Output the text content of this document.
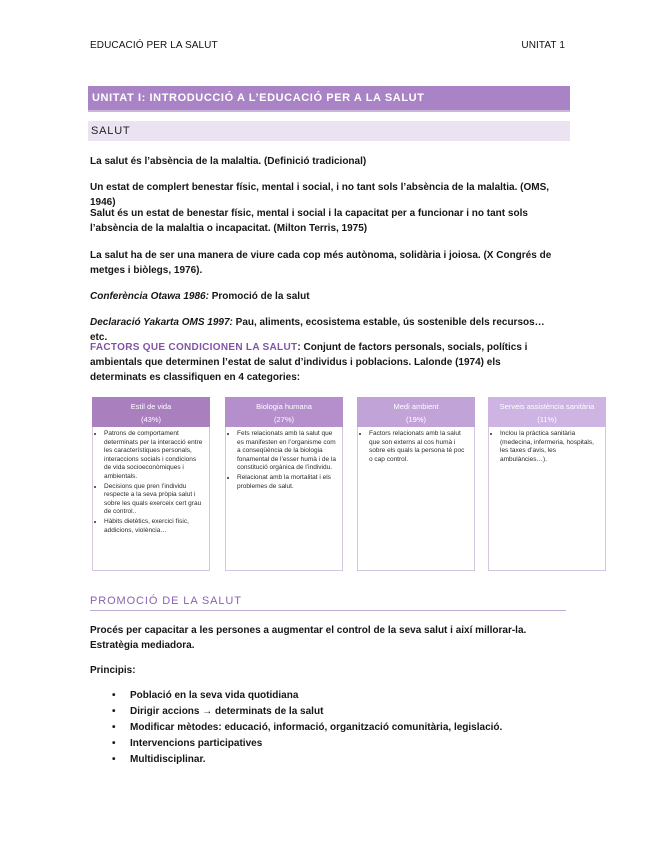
EDUCACIÓ PER LA SALUT	UNITAT 1
UNITAT I: INTRODUCCIÓ A L’EDUCACIÓ PER A LA SALUT
SALUT
La salut és l’absència de la malaltia. (Definició tradicional)
Un estat de complert benestar físic, mental i social, i no tant sols l’absència de la malaltia. (OMS, 1946)
Salut és un estat de benestar físic, mental i social i la capacitat per a funcionar i no tant sols l’absència de la malaltia o incapacitat. (Milton Terris, 1975)
La salut ha de ser una manera de viure cada cop més autònoma, solidària i joiosa. (X Congrés de metges i biòlegs, 1976).
Conferència Otawa 1986: Promoció de la salut
Declaració Yakarta OMS 1997: Pau, aliments, ecosistema estable, ús sostenible dels recursos…etc.
FACTORS QUE CONDICIONEN LA SALUT: Conjunt de factors personals, socials, polítics i ambientals que determinen l’estat de salut d’individus i poblacions. Lalonde (1974) els determinats es classifiquen en 4 categories:
Estil de vida
(43%)
• Patrons de comportament determinats per la interacció entre les característiques personals, interaccions socials i condicions de vida socioeconòmiques i ambientals.
• Decisions que pren l’individu respecte a la seva pròpia salut i sobre les quals exerceix cert grau de control..
• Hàbits dietètics, exercici físic, addicions, violència…
Biologia humana
(27%)
• Fets relacionats amb la salut que es manifesten en l’organisme com a conseqüència de la biologia fonamental de l’esser humà i de la constitució orgànica de l’individu.
• Relacionat amb la mortalitat i els problemes de salut.
Medi ambient
(19%)
• Factors relacionats amb la salut que son externs al cos humà i sobre els quals la persona té poc o cap control.
Serveis assistència sanitària
(11%)
• Inclou la pràctica sanitària (medecina, infermeria, hospitals, les taxes d’avis, les ambulàncies…).
PROMOCIÓ DE LA SALUT
Procés per capacitar a les persones a augmentar el control de la seva salut i així millorar-la. Estratègia mediadora.
Principis:
• Població en la seva vida quotidiana
• Dirigir accions → determinats de la salut
• Modificar mètodes: educació, informació, organització comunitària, legislació.
• Intervencions participatives
• Multidisciplinar.
